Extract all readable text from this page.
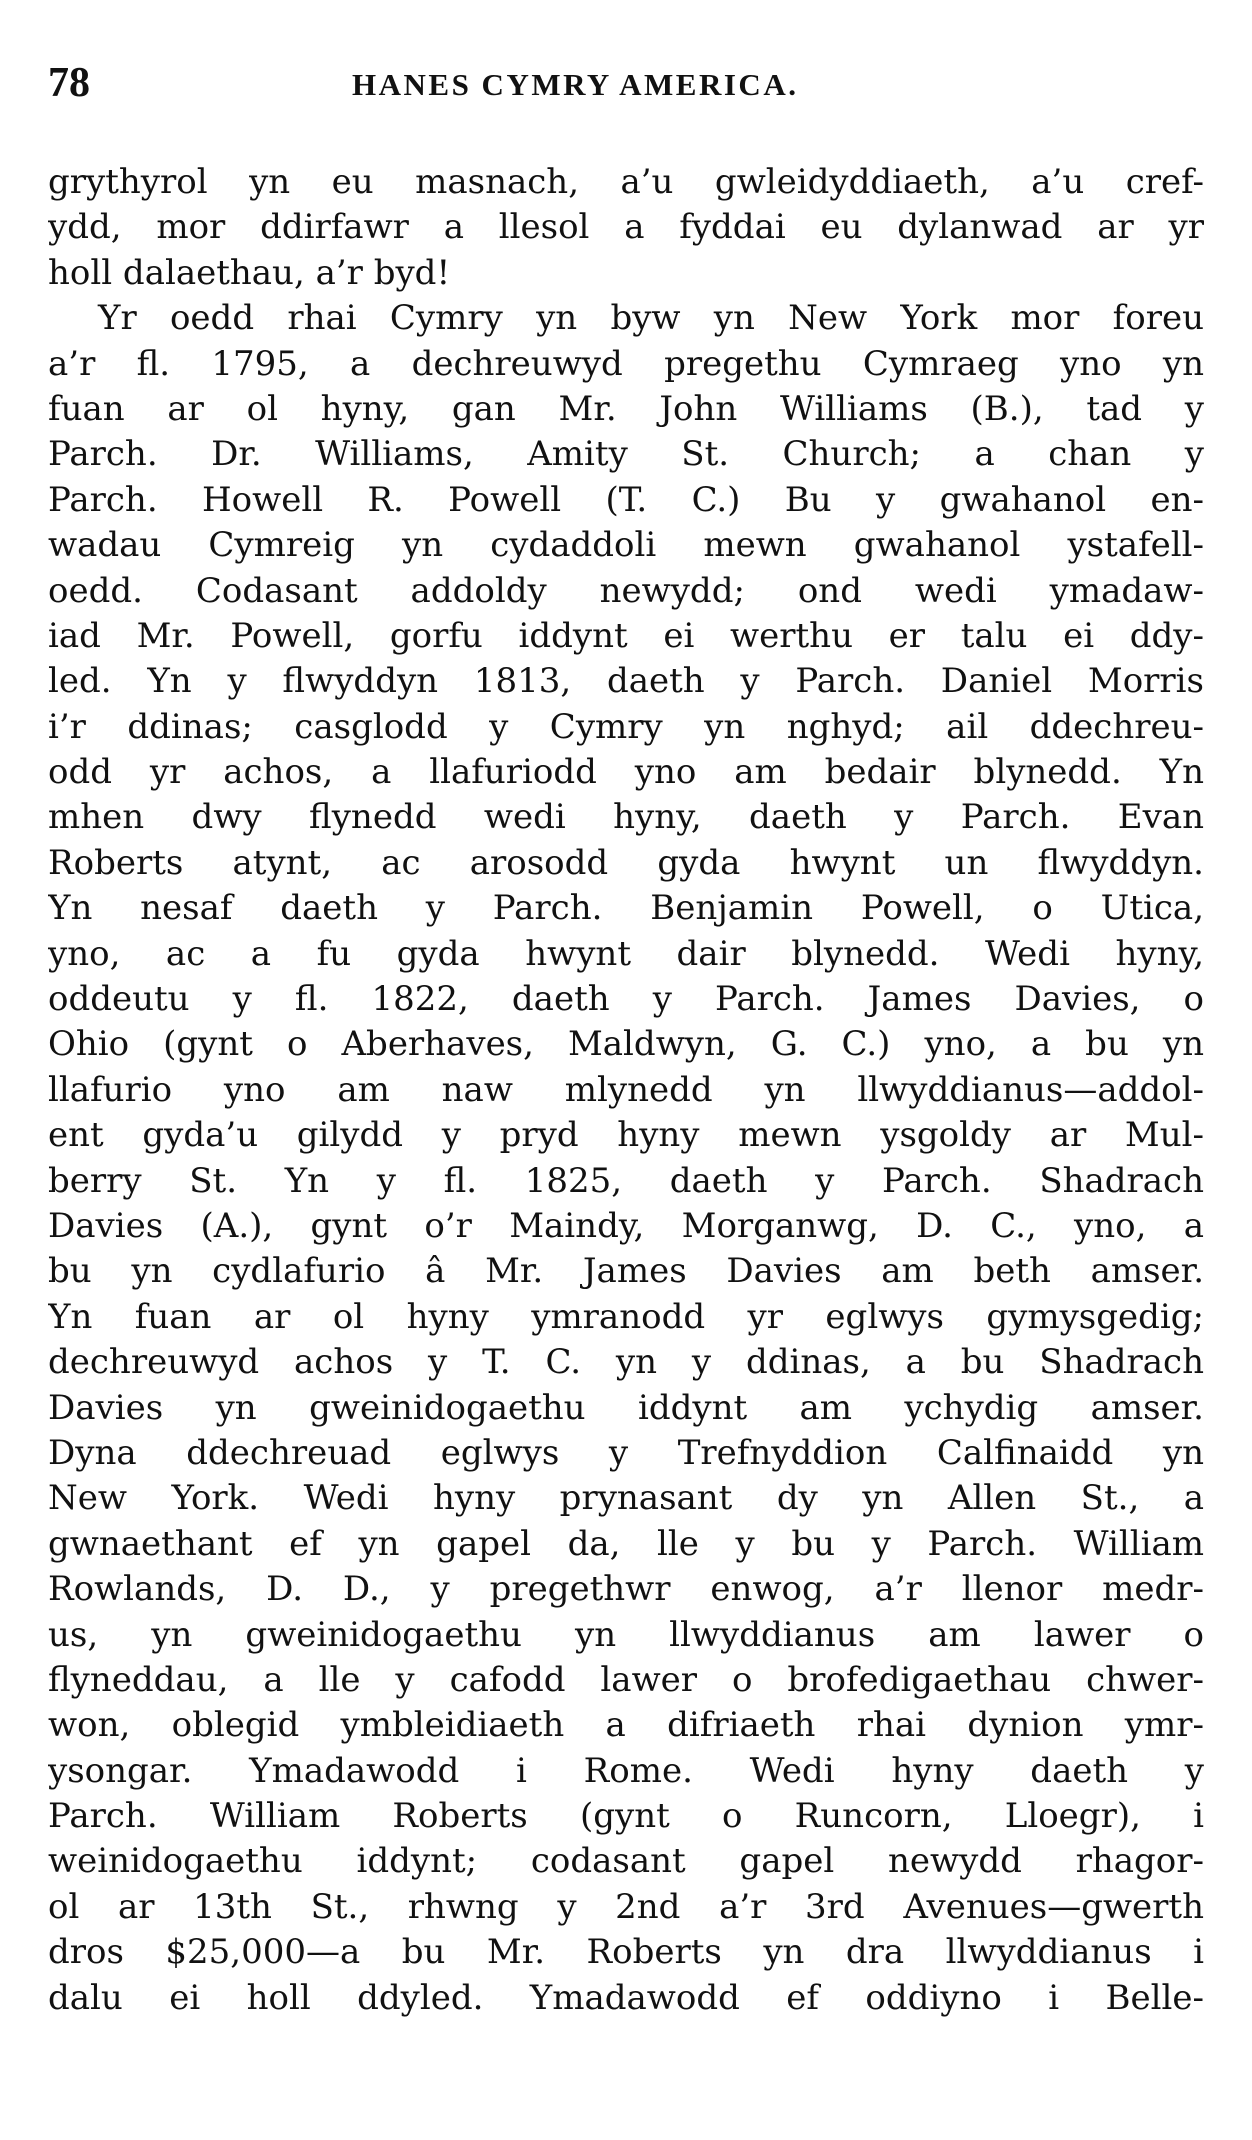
78	HANES CYMRY AMERICA.
grythyrol yn eu masnach, a’u gwleidyddiaeth, a’u cref-
ydd, mor ddirfawr a llesol a fyddai eu dylanwad ar yr
holl dalaethau, a’r byd!
Yr oedd rhai Cymry yn byw yn New York mor foreu
a’r fl. 1795, a dechreuwyd pregethu Cymraeg yno yn
fuan ar ol hyny, gan Mr. John Williams (B.), tad y
Parch. Dr. Williams, Amity St. Church; a chan y
Parch. Howell R. Powell (T. C.) Bu y gwahanol en-
wadau Cymreig yn cydaddoli mewn gwahanol ystafell-
oedd. Codasant addoldy newydd; ond wedi ymadaw-
iad Mr. Powell, gorfu iddynt ei werthu er talu ei ddy-
led. Yn y flwyddyn 1813, daeth y Parch. Daniel Morris
i’r ddinas; casglodd y Cymry yn nghyd; ail ddechreu-
odd yr achos, a llafuriodd yno am bedair blynedd. Yn
mhen dwy flynedd wedi hyny, daeth y Parch. Evan
Roberts atynt, ac arosodd gyda hwynt un flwyddyn.
Yn nesaf daeth y Parch. Benjamin Powell, o Utica,
yno, ac a fu gyda hwynt dair blynedd. Wedi hyny,
oddeutu y fl. 1822, daeth y Parch. James Davies, o
Ohio (gynt o Aberhaves, Maldwyn, G. C.) yno, a bu yn
llafurio yno am naw mlynedd yn llwyddianus—addol-
ent gyda’u gilydd y pryd hyny mewn ysgoldy ar Mul-
berry St. Yn y fl. 1825, daeth y Parch. Shadrach
Davies (A.), gynt o’r Maindy, Morganwg, D. C., yno, a
bu yn cydlafurio â Mr. James Davies am beth amser.
Yn fuan ar ol hyny ymranodd yr eglwys gymysgedig;
dechreuwyd achos y T. C. yn y ddinas, a bu Shadrach
Davies yn gweinidogaethu iddynt am ychydig amser.
Dyna ddechreuad eglwys y Trefnyddion Calfinaidd yn
New York. Wedi hyny prynasant dy yn Allen St., a
gwnaethant ef yn gapel da, lle y bu y Parch. William
Rowlands, D. D., y pregethwr enwog, a’r llenor medr-
us, yn gweinidogaethu yn llwyddianus am lawer o
flyneddau, a lle y cafodd lawer o brofedigaethau chwer-
won, oblegid ymbleidiaeth a difriaeth rhai dynion ymr-
ysongar. Ymadawodd i Rome. Wedi hyny daeth y
Parch. William Roberts (gynt o Runcorn, Lloegr), i
weinidogaethu iddynt; codasant gapel newydd rhagor-
ol ar 13th St., rhwng y 2nd a’r 3rd Avenues—gwerth
dros $25,000—a bu Mr. Roberts yn dra llwyddianus i
dalu ei holl ddyled. Ymadawodd ef oddiyno i Belle-
